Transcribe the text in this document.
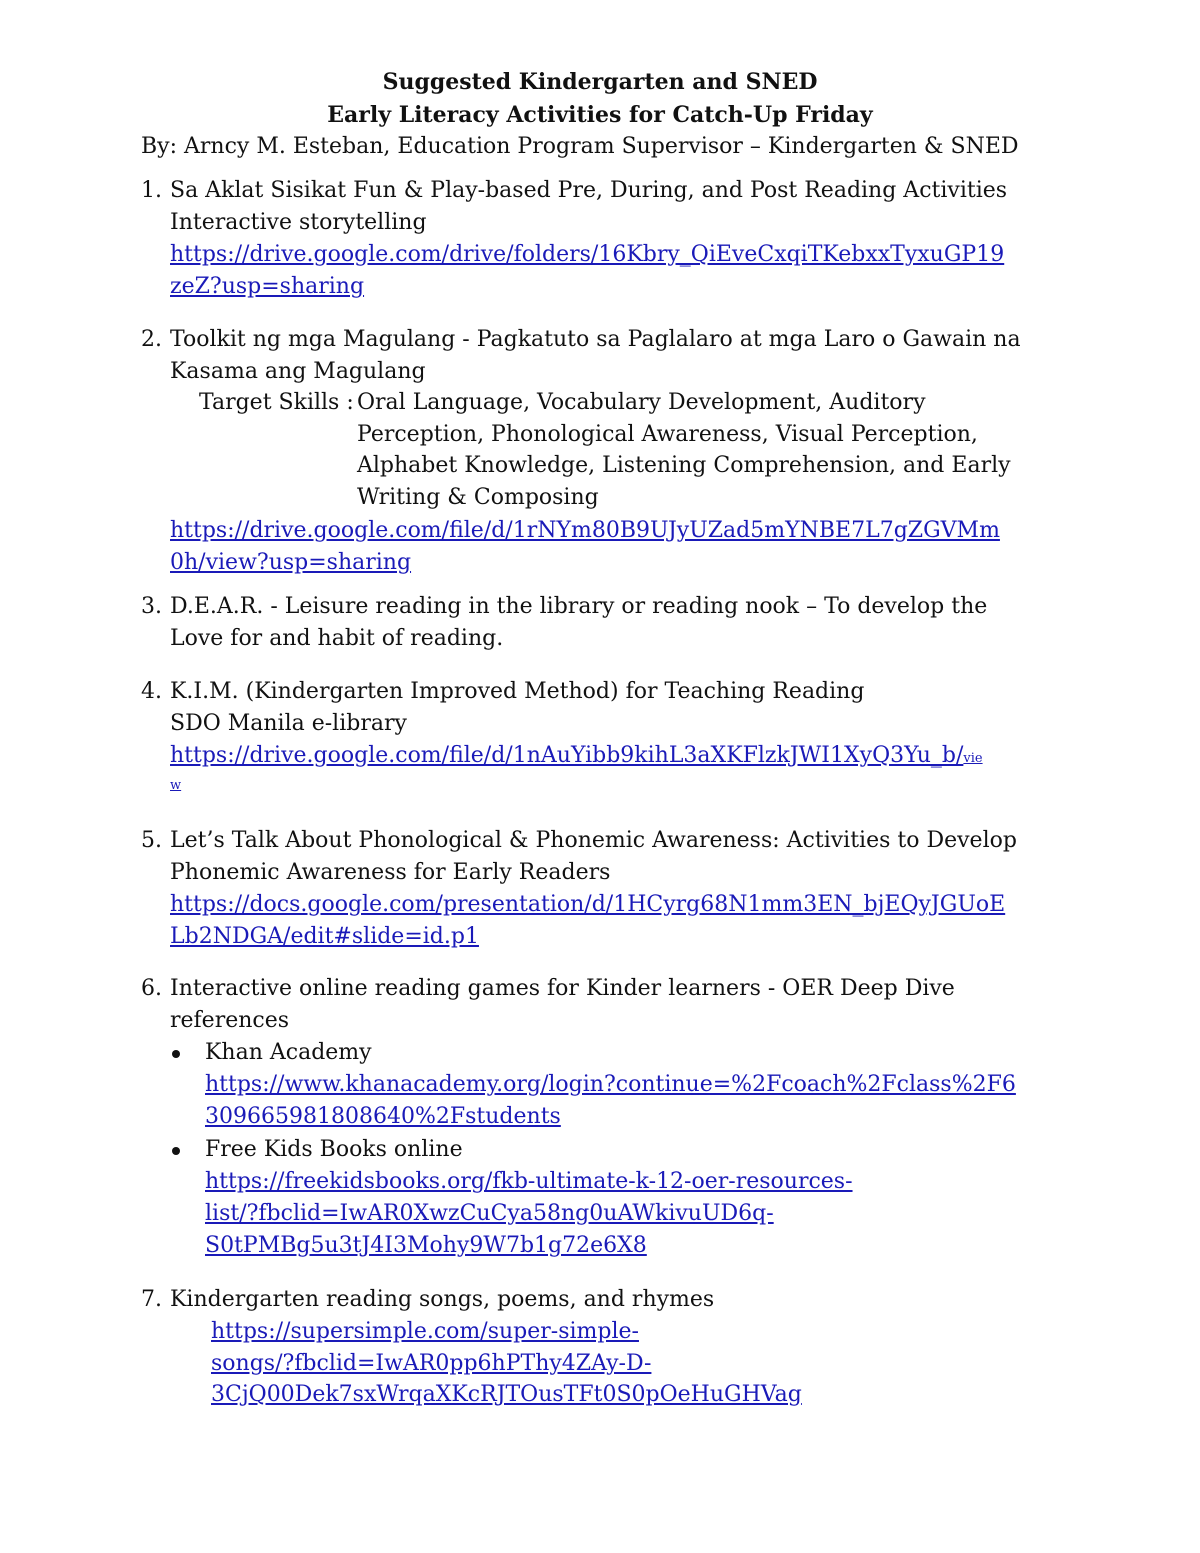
Suggested Kindergarten and SNED
Early Literacy Activities for Catch-Up Friday
By: Arncy M. Esteban, Education Program Supervisor – Kindergarten & SNED
1. Sa Aklat Sisikat Fun & Play-based Pre, During, and Post Reading Activities
Interactive storytelling
https://drive.google.com/drive/folders/16Kbry_QiEveCxqiTKebxxTyxuGP19
zeZ?usp=sharing
2. Toolkit ng mga Magulang - Pagkatuto sa Paglalaro at mga Laro o Gawain na
Kasama ang Magulang
Target Skills : Oral Language, Vocabulary Development, Auditory
Perception, Phonological Awareness, Visual Perception,
Alphabet Knowledge, Listening Comprehension, and Early
Writing & Composing
https://drive.google.com/file/d/1rNYm80B9UJyUZad5mYNBE7L7gZGVMm
0h/view?usp=sharing
3. D.E.A.R. - Leisure reading in the library or reading nook – To develop the
Love for and habit of reading.
4. K.I.M. (Kindergarten Improved Method) for Teaching Reading
SDO Manila e-library
https://drive.google.com/file/d/1nAuYibb9kihL3aXKFlzkJWI1XyQ3Yu_b/vie
w
5. Let’s Talk About Phonological & Phonemic Awareness: Activities to Develop
Phonemic Awareness for Early Readers
https://docs.google.com/presentation/d/1HCyrg68N1mm3EN_bjEQyJGUoE
Lb2NDGA/edit#slide=id.p1
6. Interactive online reading games for Kinder learners - OER Deep Dive
references
Khan Academy
https://www.khanacademy.org/login?continue=%2Fcoach%2Fclass%2F6
309665981808640%2Fstudents
Free Kids Books online
https://freekidsbooks.org/fkb-ultimate-k-12-oer-resources-
list/?fbclid=IwAR0XwzCuCya58ng0uAWkivuUD6q-
S0tPMBg5u3tJ4I3Mohy9W7b1g72e6X8
7. Kindergarten reading songs, poems, and rhymes
https://supersimple.com/super-simple-
songs/?fbclid=IwAR0pp6hPThy4ZAy-D-
3CjQ00Dek7sxWrqaXKcRJTOusTFt0S0pOeHuGHVag
